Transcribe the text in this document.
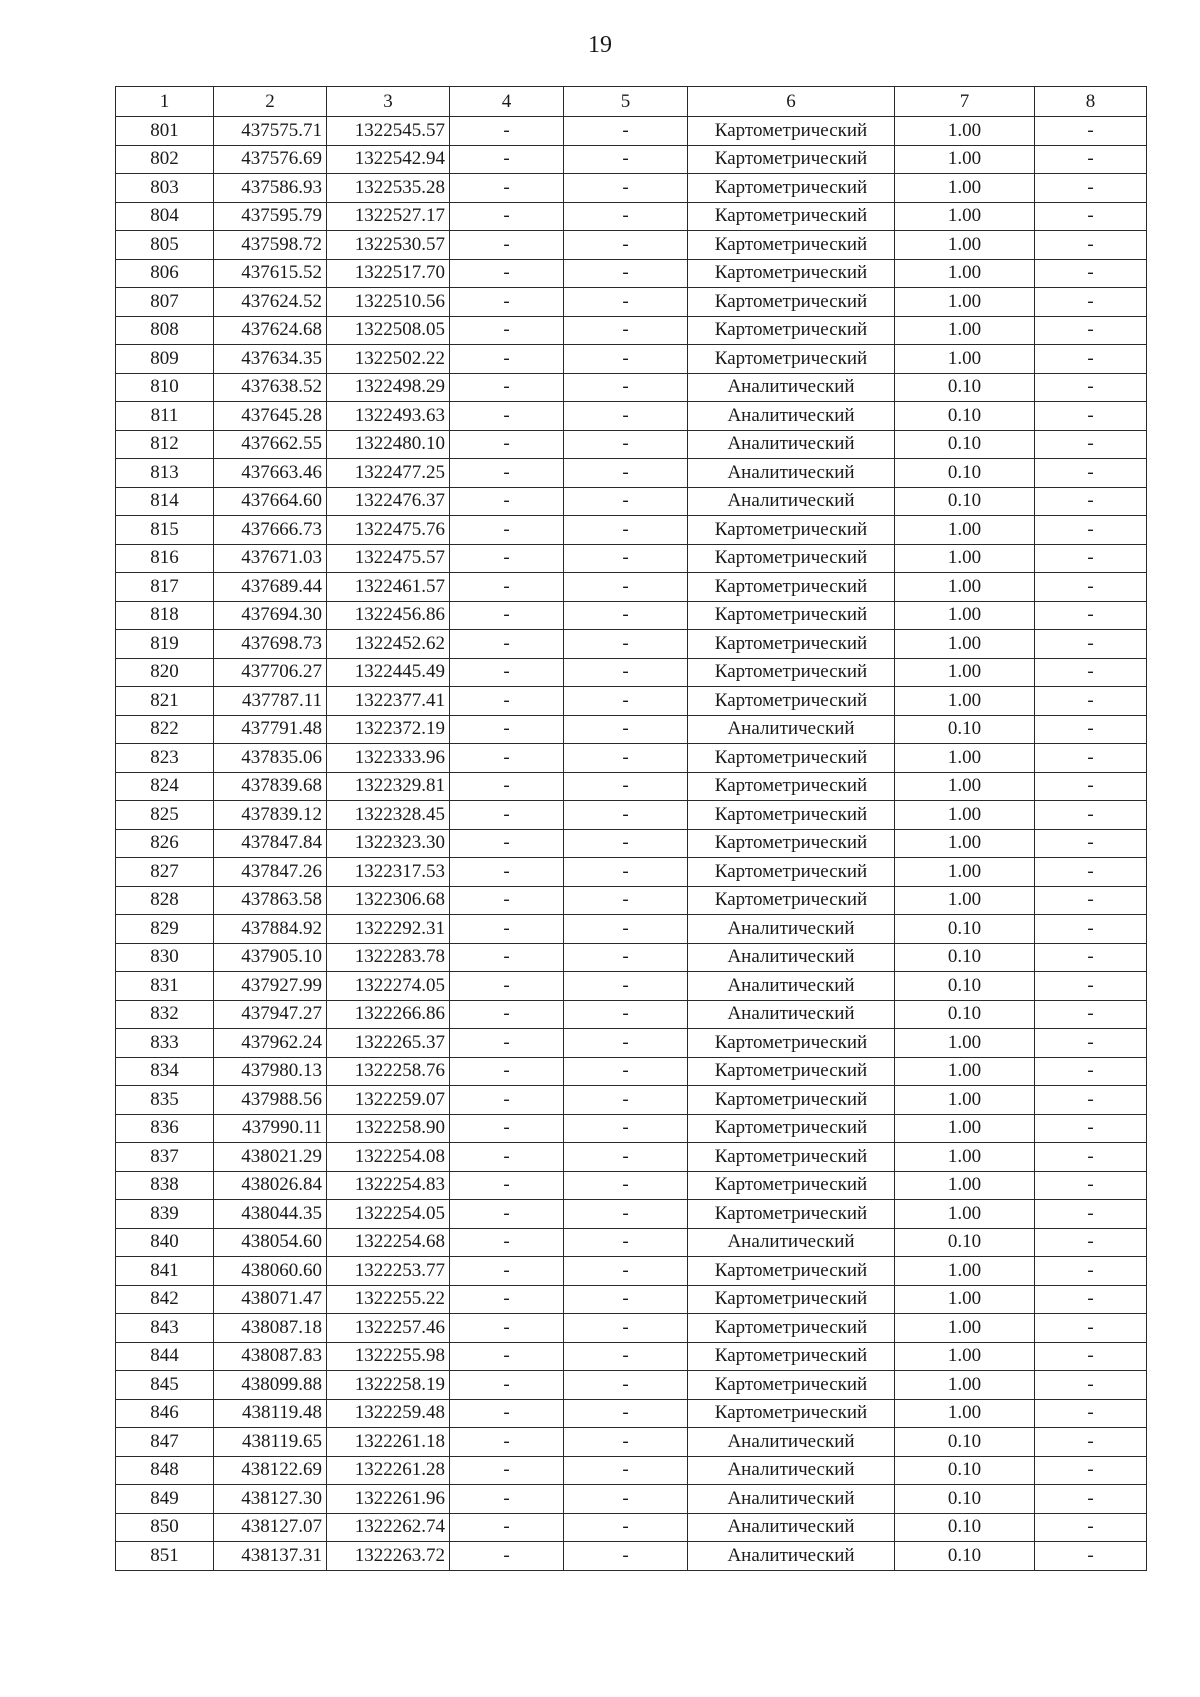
19
1	2	3	4	5	6	7	8
801	437575.71	1322545.57	-	-	Картометрический	1.00	-
802	437576.69	1322542.94	-	-	Картометрический	1.00	-
803	437586.93	1322535.28	-	-	Картометрический	1.00	-
804	437595.79	1322527.17	-	-	Картометрический	1.00	-
805	437598.72	1322530.57	-	-	Картометрический	1.00	-
806	437615.52	1322517.70	-	-	Картометрический	1.00	-
807	437624.52	1322510.56	-	-	Картометрический	1.00	-
808	437624.68	1322508.05	-	-	Картометрический	1.00	-
809	437634.35	1322502.22	-	-	Картометрический	1.00	-
810	437638.52	1322498.29	-	-	Аналитический	0.10	-
811	437645.28	1322493.63	-	-	Аналитический	0.10	-
812	437662.55	1322480.10	-	-	Аналитический	0.10	-
813	437663.46	1322477.25	-	-	Аналитический	0.10	-
814	437664.60	1322476.37	-	-	Аналитический	0.10	-
815	437666.73	1322475.76	-	-	Картометрический	1.00	-
816	437671.03	1322475.57	-	-	Картометрический	1.00	-
817	437689.44	1322461.57	-	-	Картометрический	1.00	-
818	437694.30	1322456.86	-	-	Картометрический	1.00	-
819	437698.73	1322452.62	-	-	Картометрический	1.00	-
820	437706.27	1322445.49	-	-	Картометрический	1.00	-
821	437787.11	1322377.41	-	-	Картометрический	1.00	-
822	437791.48	1322372.19	-	-	Аналитический	0.10	-
823	437835.06	1322333.96	-	-	Картометрический	1.00	-
824	437839.68	1322329.81	-	-	Картометрический	1.00	-
825	437839.12	1322328.45	-	-	Картометрический	1.00	-
826	437847.84	1322323.30	-	-	Картометрический	1.00	-
827	437847.26	1322317.53	-	-	Картометрический	1.00	-
828	437863.58	1322306.68	-	-	Картометрический	1.00	-
829	437884.92	1322292.31	-	-	Аналитический	0.10	-
830	437905.10	1322283.78	-	-	Аналитический	0.10	-
831	437927.99	1322274.05	-	-	Аналитический	0.10	-
832	437947.27	1322266.86	-	-	Аналитический	0.10	-
833	437962.24	1322265.37	-	-	Картометрический	1.00	-
834	437980.13	1322258.76	-	-	Картометрический	1.00	-
835	437988.56	1322259.07	-	-	Картометрический	1.00	-
836	437990.11	1322258.90	-	-	Картометрический	1.00	-
837	438021.29	1322254.08	-	-	Картометрический	1.00	-
838	438026.84	1322254.83	-	-	Картометрический	1.00	-
839	438044.35	1322254.05	-	-	Картометрический	1.00	-
840	438054.60	1322254.68	-	-	Аналитический	0.10	-
841	438060.60	1322253.77	-	-	Картометрический	1.00	-
842	438071.47	1322255.22	-	-	Картометрический	1.00	-
843	438087.18	1322257.46	-	-	Картометрический	1.00	-
844	438087.83	1322255.98	-	-	Картометрический	1.00	-
845	438099.88	1322258.19	-	-	Картометрический	1.00	-
846	438119.48	1322259.48	-	-	Картометрический	1.00	-
847	438119.65	1322261.18	-	-	Аналитический	0.10	-
848	438122.69	1322261.28	-	-	Аналитический	0.10	-
849	438127.30	1322261.96	-	-	Аналитический	0.10	-
850	438127.07	1322262.74	-	-	Аналитический	0.10	-
851	438137.31	1322263.72	-	-	Аналитический	0.10	-
